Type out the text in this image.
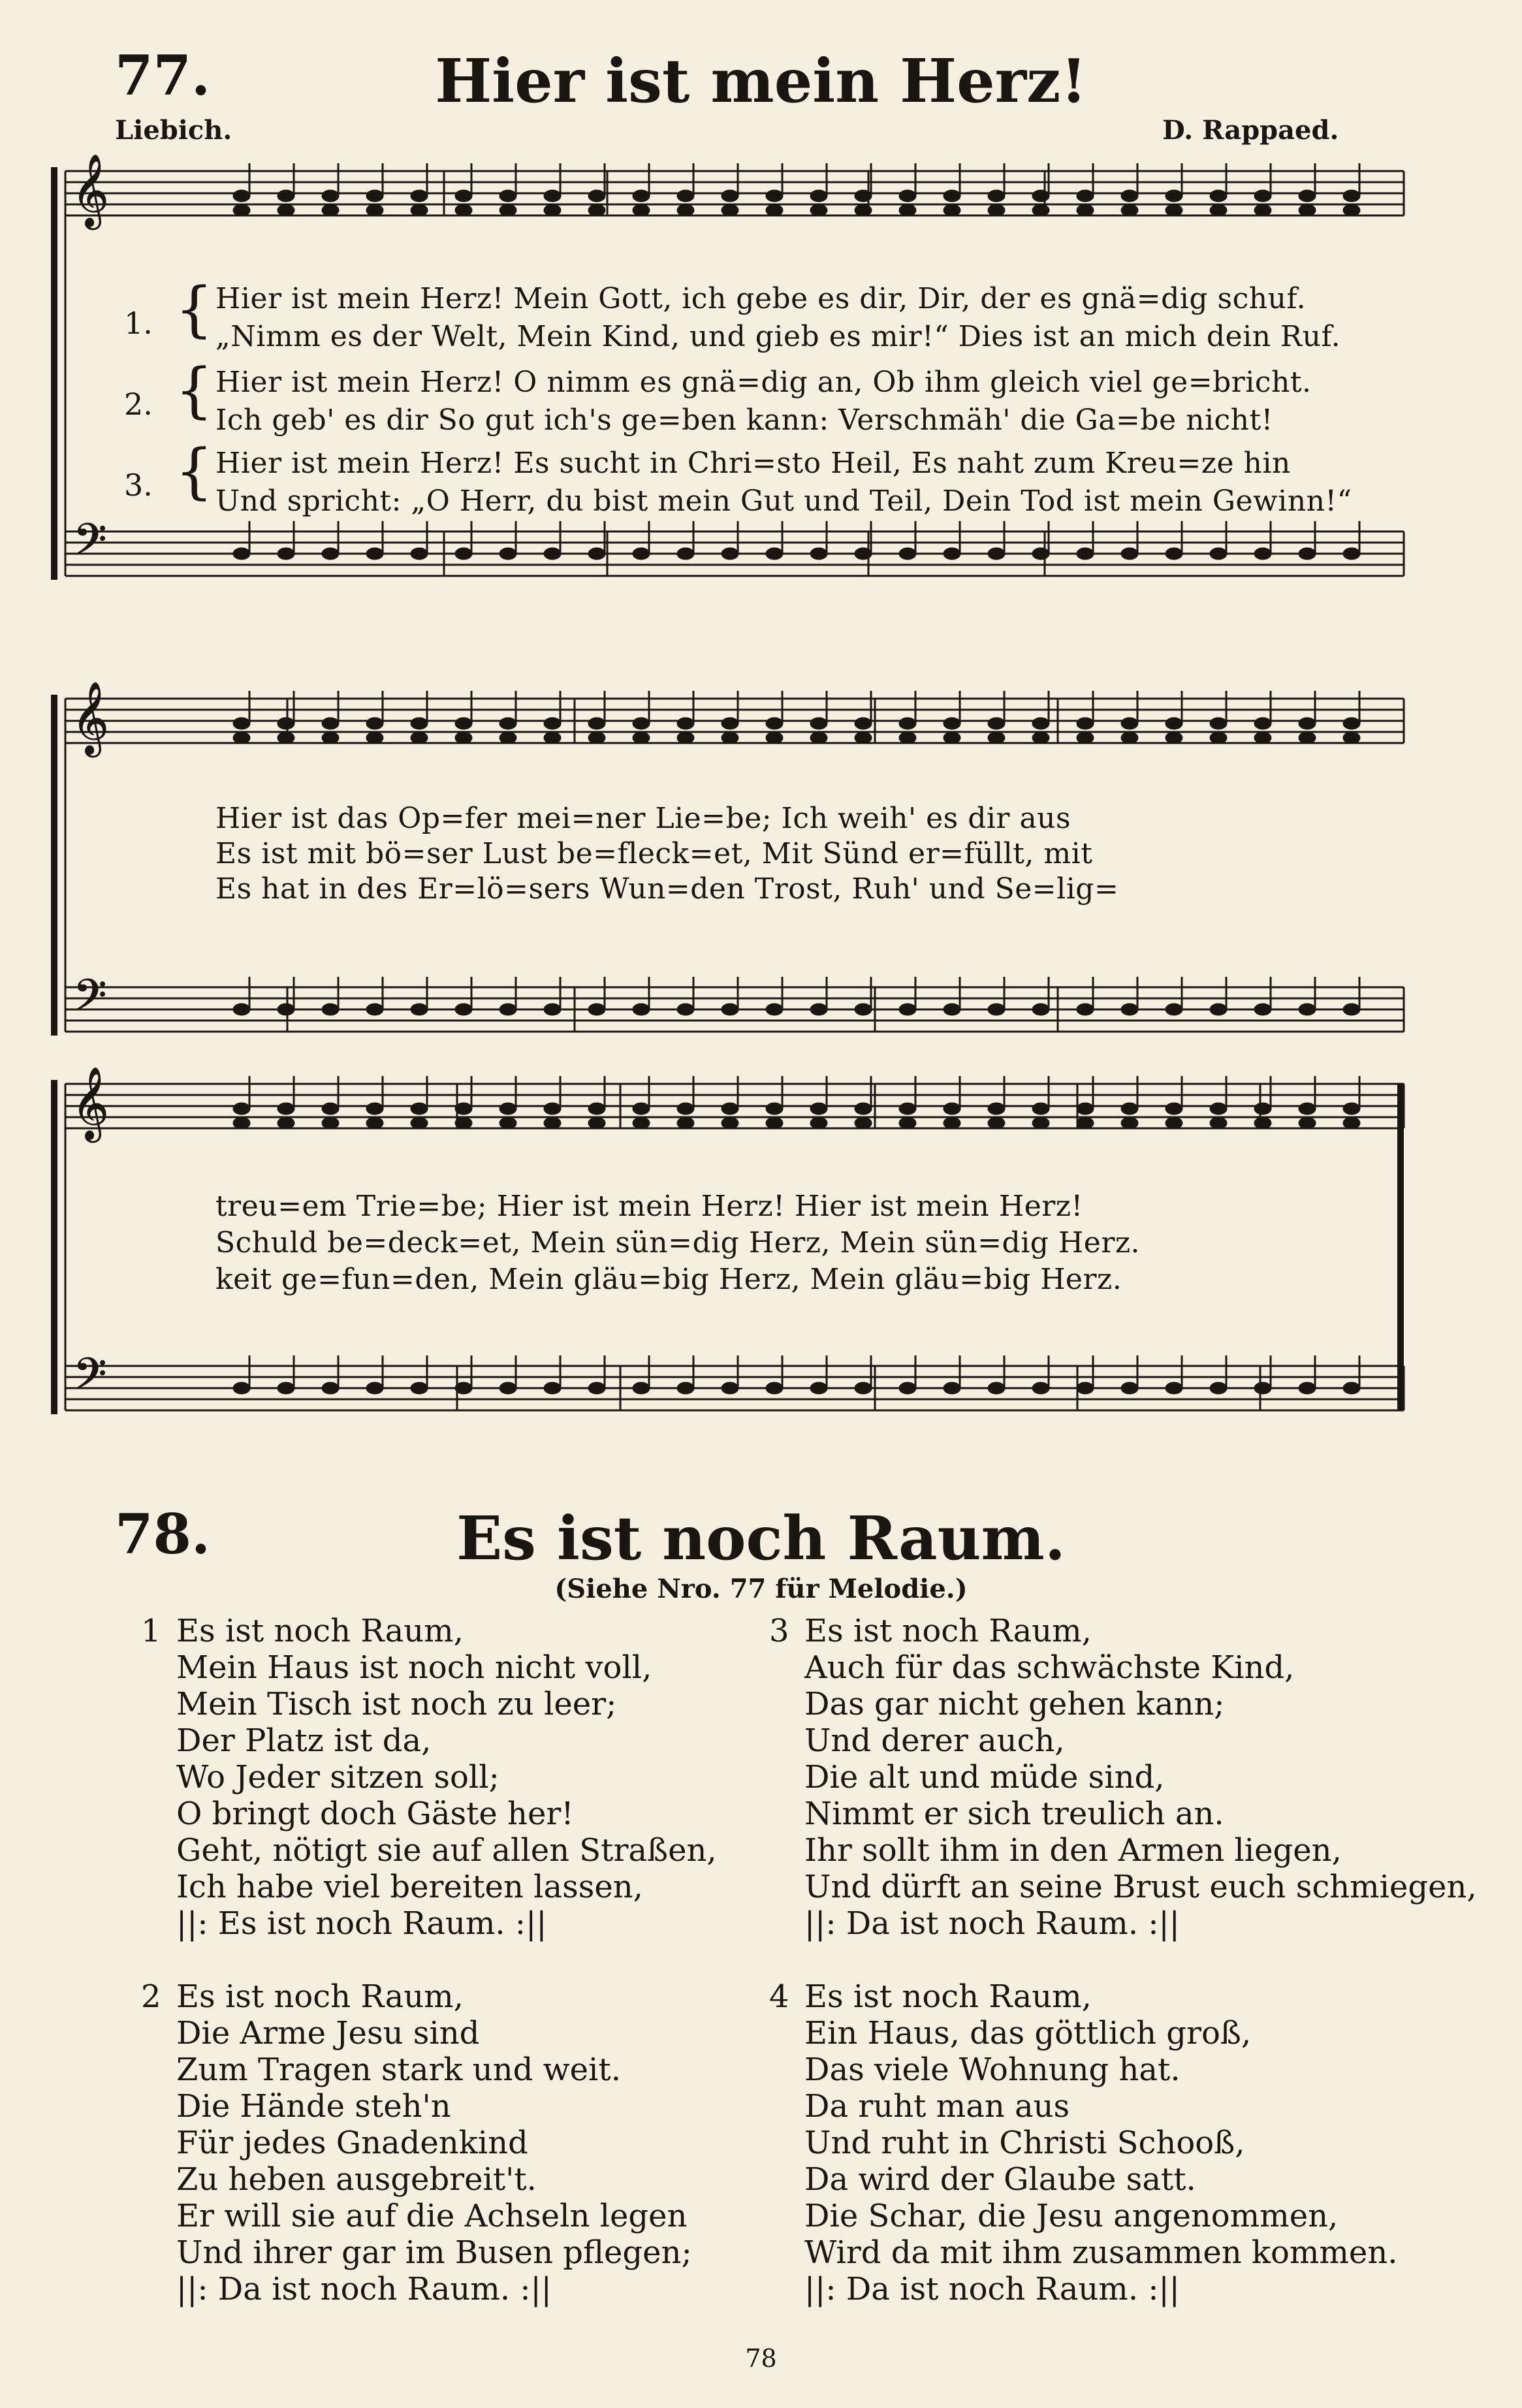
77.	Hier ist mein Herz!
Liebich.	D. Rappaed.
𝄞
𝄢
𝄞
𝄢
𝄞
𝄢
1. { Hier ist mein Herz! Mein Gott, ich gebe es dir, Dir, der es gnä=dig schuf.
„Nimm es der Welt, Mein Kind, und gieb es mir!“ Dies ist an mich dein Ruf.
2. { Hier ist mein Herz! O nimm es gnä=dig an, Ob ihm gleich viel ge=bricht.
Ich geb' es dir So gut ich's ge=ben kann: Verschmäh' die Ga=be nicht!
3. { Hier ist mein Herz! Es sucht in Chri=sto Heil, Es naht zum Kreu=ze hin
Und spricht: „O Herr, du bist mein Gut und Teil, Dein Tod ist mein Gewinn!“
Hier ist das Op=fer mei=ner Lie=be; Ich weih' es dir aus
Es ist mit bö=ser Lust be=fleck=et, Mit Sünd er=füllt, mit
Es hat in des Er=lö=sers Wun=den Trost, Ruh' und Se=lig=
treu=em Trie=be; Hier ist mein Herz! Hier ist mein Herz!
Schuld be=deck=et, Mein sün=dig Herz, Mein sün=dig Herz.
keit ge=fun=den, Mein gläu=big Herz, Mein gläu=big Herz.
78.	Es ist noch Raum.
(Siehe Nro. 77 für Melodie.)
1 Es ist noch Raum,
Mein Haus ist noch nicht voll,
Mein Tisch ist noch zu leer;
Der Platz ist da,
Wo Jeder sitzen soll;
O bringt doch Gäste her!
Geht, nötigt sie auf allen Straßen,
Ich habe viel bereiten lassen,
||: Es ist noch Raum. :||
3 Es ist noch Raum,
Auch für das schwächste Kind,
Das gar nicht gehen kann;
Und derer auch,
Die alt und müde sind,
Nimmt er sich treulich an.
Ihr sollt ihm in den Armen liegen,
Und dürft an seine Brust euch schmiegen,
||: Da ist noch Raum. :||
2 Es ist noch Raum,
Die Arme Jesu sind
Zum Tragen stark und weit.
Die Hände steh'n
Für jedes Gnadenkind
Zu heben ausgebreit't.
Er will sie auf die Achseln legen
Und ihrer gar im Busen pflegen;
||: Da ist noch Raum. :||
4 Es ist noch Raum,
Ein Haus, das göttlich groß,
Das viele Wohnung hat.
Da ruht man aus
Und ruht in Christi Schooß,
Da wird der Glaube satt.
Die Schar, die Jesu angenommen,
Wird da mit ihm zusammen kommen.
||: Da ist noch Raum. :||
78
